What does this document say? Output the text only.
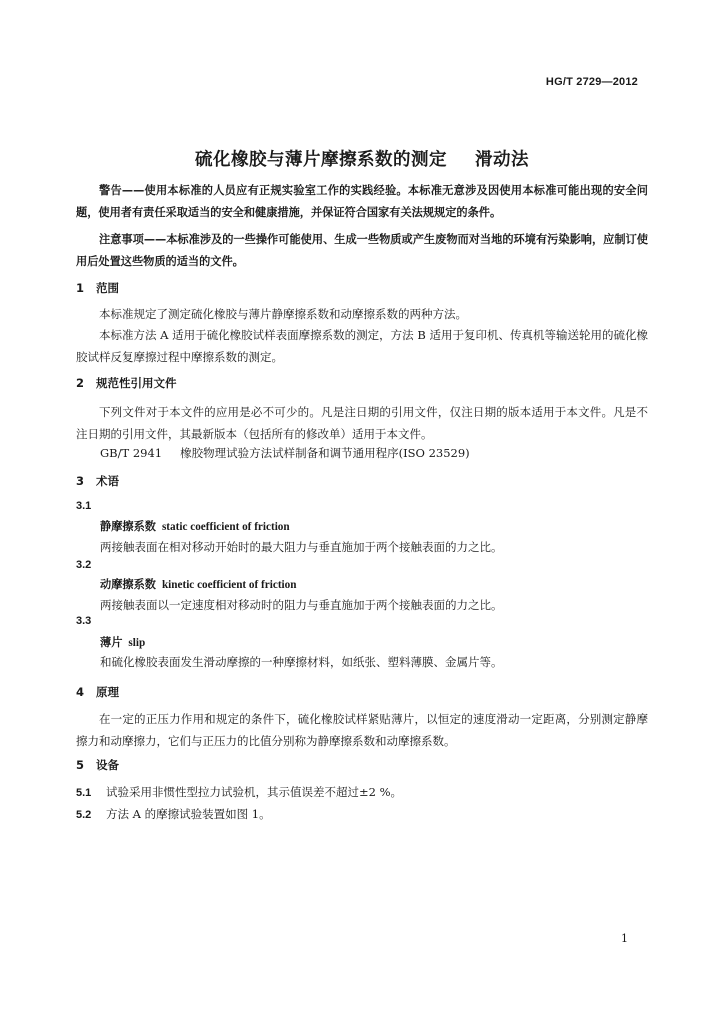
HG/T 2729—2012
硫化橡胶与薄片摩擦系数的测定 滑动法
警告——使用本标准的人员应有正规实验室工作的实践经验。本标准无意涉及因使用本标准可能出现的安全问题，使用者有责任采取适当的安全和健康措施，并保证符合国家有关法规规定的条件。
注意事项——本标准涉及的一些操作可能使用、生成一些物质或产生废物而对当地的环境有污染影响，应制订使用后处置这些物质的适当的文件。
1 范围
本标准规定了测定硫化橡胶与薄片静摩擦系数和动摩擦系数的两种方法。
本标准方法 A 适用于硫化橡胶试样表面摩擦系数的测定，方法 B 适用于复印机、传真机等输送轮用的硫化橡胶试样反复摩擦过程中摩擦系数的测定。
2 规范性引用文件
下列文件对于本文件的应用是必不可少的。凡是注日期的引用文件，仅注日期的版本适用于本文件。凡是不注日期的引用文件，其最新版本（包括所有的修改单）适用于本文件。
GB/T 2941 橡胶物理试验方法试样制备和调节通用程序(ISO 23529)
3 术语
3.1
静摩擦系数 static coefficient of friction
两接触表面在相对移动开始时的最大阻力与垂直施加于两个接触表面的力之比。
3.2
动摩擦系数 kinetic coefficient of friction
两接触表面以一定速度相对移动时的阻力与垂直施加于两个接触表面的力之比。
3.3
薄片 slip
和硫化橡胶表面发生滑动摩擦的一种摩擦材料，如纸张、塑料薄膜、金属片等。
4 原理
在一定的正压力作用和规定的条件下，硫化橡胶试样紧贴薄片，以恒定的速度滑动一定距离，分别测定静摩擦力和动摩擦力，它们与正压力的比值分别称为静摩擦系数和动摩擦系数。
5 设备
5.1 试验采用非惯性型拉力试验机，其示值误差不超过±2 %。
5.2 方法 A 的摩擦试验装置如图 1。
1
